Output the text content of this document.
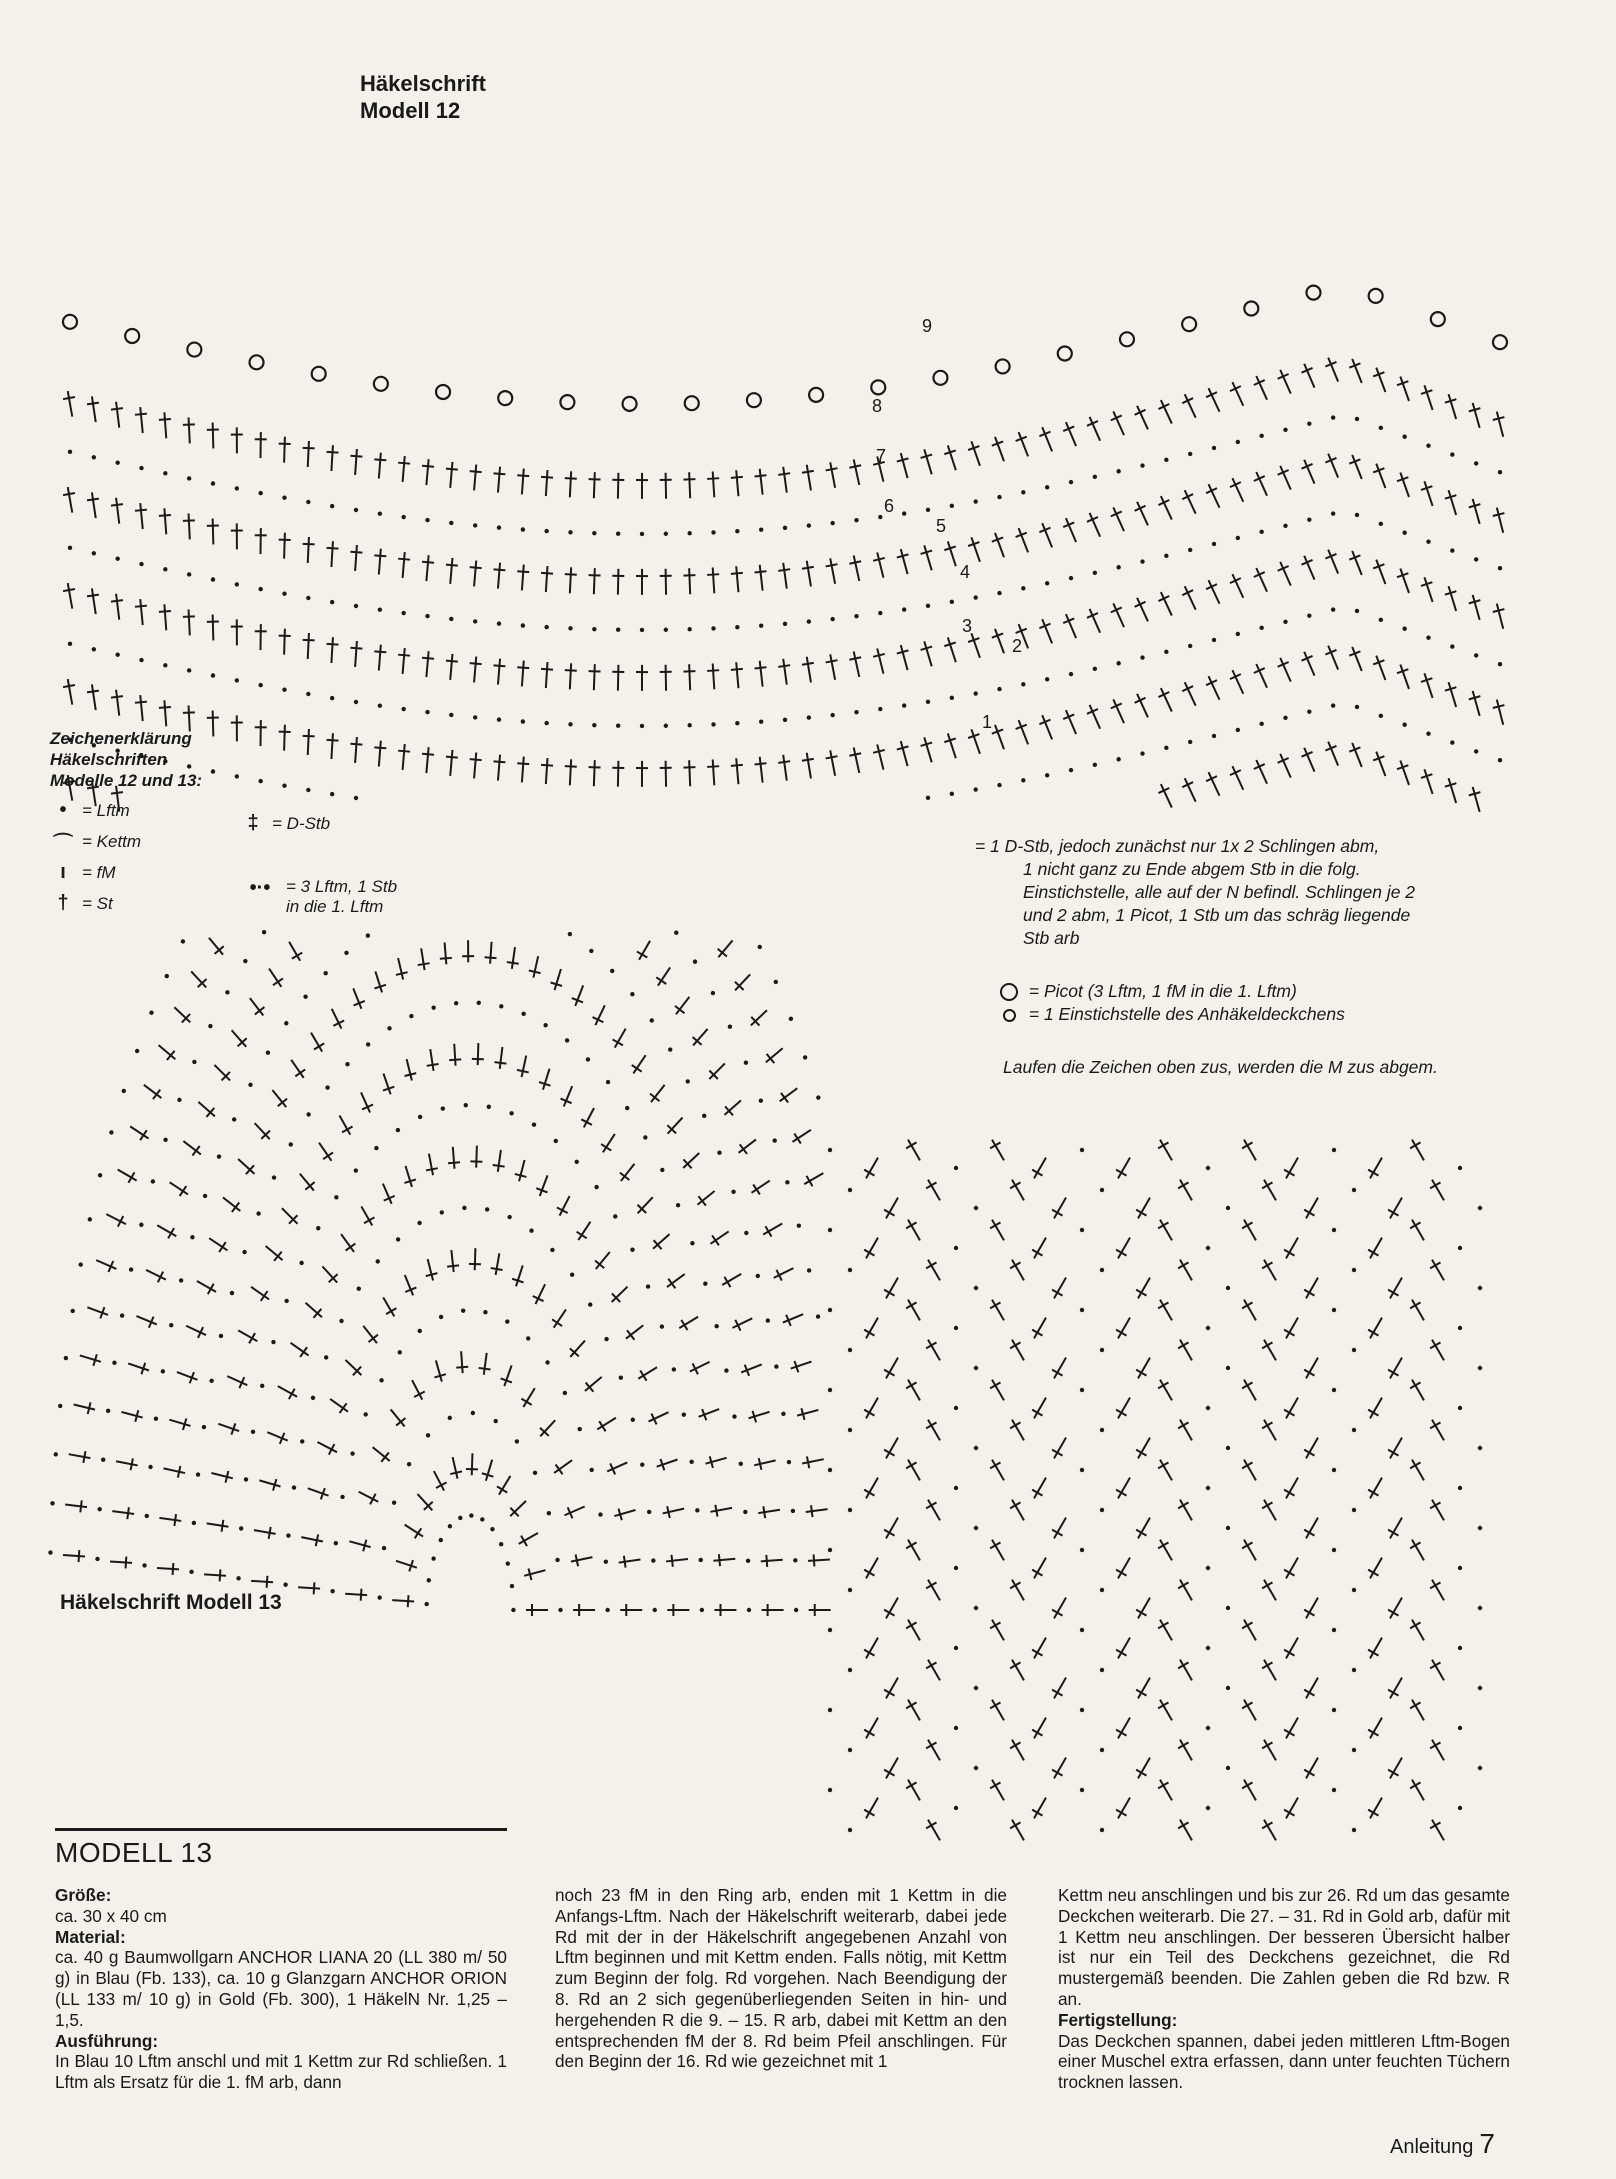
1
2
3
4
5
6
7
8
9
Häkelschrift
Modell 12
Zeichenerklärung
Häkelschriften
Modelle 12 und 13:
• = Lftm
⌒ = Kettm
ı = fM
† = St
‡ = D-Stb
•·• = 3 Lftm, 1 Stb
in die 1. Lftm
= 1 D-Stb, jedoch zunächst nur 1x 2 Schlingen abm,
1 nicht ganz zu Ende abgem Stb in die folg.
Einstichstelle, alle auf der N befindl. Schlingen je 2
und 2 abm, 1 Picot, 1 Stb um das schräg liegende
Stb arb
= Picot (3 Lftm, 1 fM in die 1. Lftm)
= 1 Einstichstelle des Anhäkeldeckchens
Laufen die Zeichen oben zus, werden die M zus abgem.
Häkelschrift Modell 13
MODELL 13
Größe:
ca. 30 x 40 cm
Material:
ca. 40 g Baumwollgarn ANCHOR LIANA 20 (LL 380 m/ 50 g) in Blau (Fb. 133), ca. 10 g Glanzgarn ANCHOR ORION (LL 133 m/ 10 g) in Gold (Fb. 300), 1 HäkelN Nr. 1,25 – 1,5.
Ausführung:
In Blau 10 Lftm anschl und mit 1 Kettm zur Rd schließen. 1 Lftm als Ersatz für die 1. fM arb, dann
noch 23 fM in den Ring arb, enden mit 1 Kettm in die Anfangs-Lftm. Nach der Häkelschrift weiterarb, dabei jede Rd mit der in der Häkelschrift angegebenen Anzahl von Lftm beginnen und mit Kettm enden. Falls nötig, mit Kettm zum Beginn der folg. Rd vorgehen. Nach Beendigung der 8. Rd an 2 sich gegenüberliegenden Seiten in hin- und hergehenden R die 9. – 15. R arb, dabei mit Kettm an den entsprechenden fM der 8. Rd beim Pfeil anschlingen. Für den Beginn der 16. Rd wie gezeichnet mit 1
Kettm neu anschlingen und bis zur 26. Rd um das gesamte Deckchen weiterarb. Die 27. – 31. Rd in Gold arb, dafür mit 1 Kettm neu anschlingen. Der besseren Übersicht halber ist nur ein Teil des Deckchens gezeichnet, die Rd mustergemäß beenden. Die Zahlen geben die Rd bzw. R an.
Fertigstellung:
Das Deckchen spannen, dabei jeden mittleren Lftm-Bogen einer Muschel extra erfassen, dann unter feuchten Tüchern trocknen lassen.
Anleitung 7
